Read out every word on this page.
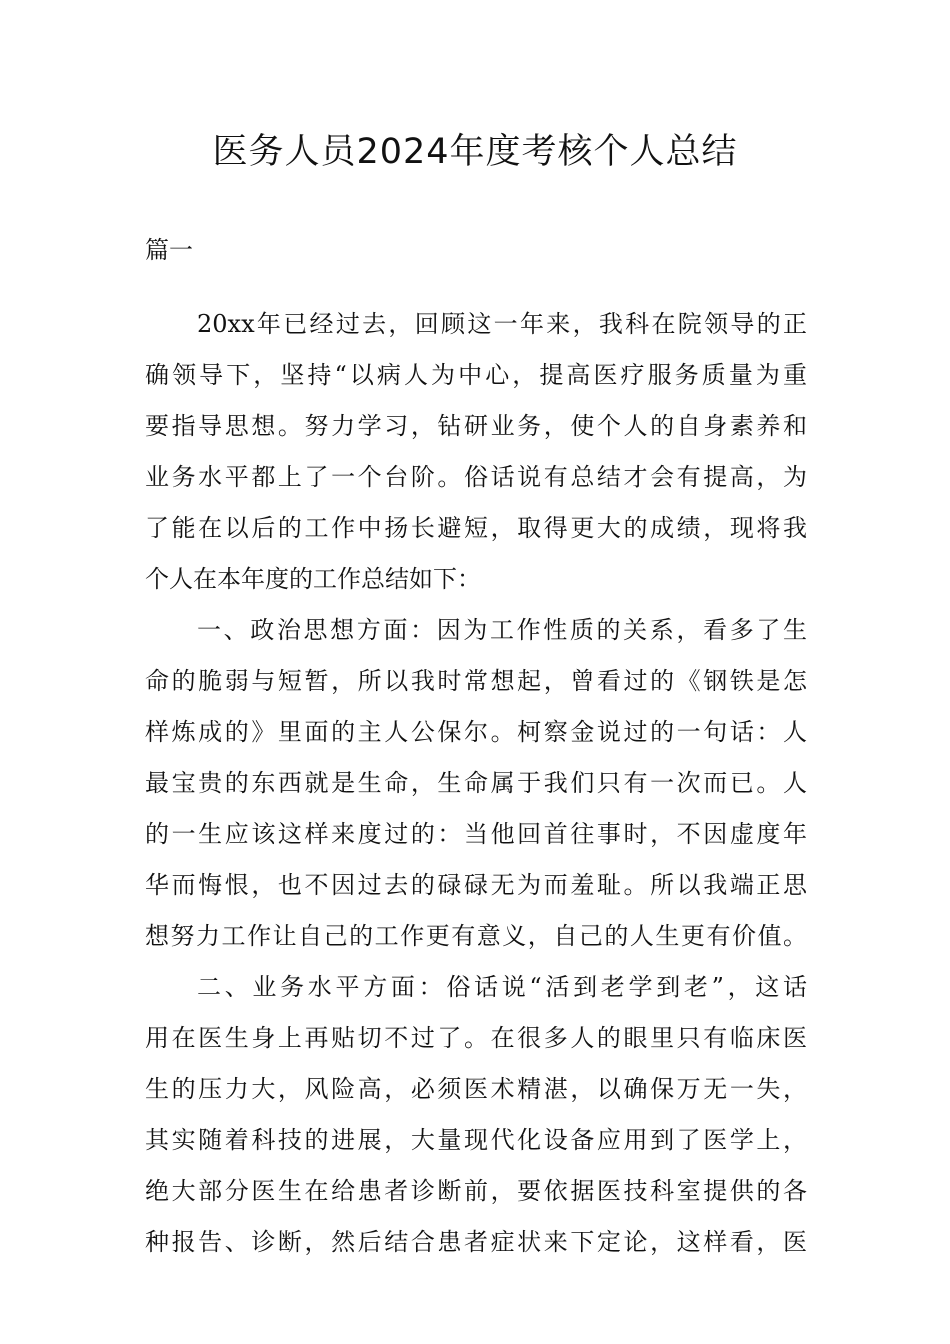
医务人员2024年度考核个人总结
篇一
20xx年已经过去，回顾这一年来，我科在院领导的正
确领导下，坚持“以病人为中心，提高医疗服务质量为重
要指导思想。努力学习，钻研业务，使个人的自身素养和
业务水平都上了一个台阶。俗话说有总结才会有提高，为
了能在以后的工作中扬长避短，取得更大的成绩，现将我
个人在本年度的工作总结如下：
一、政治思想方面：因为工作性质的关系，看多了生
命的脆弱与短暂，所以我时常想起，曾看过的《钢铁是怎
样炼成的》里面的主人公保尔。柯察金说过的一句话：人
最宝贵的东西就是生命，生命属于我们只有一次而已。人
的一生应该这样来度过的：当他回首往事时，不因虚度年
华而悔恨，也不因过去的碌碌无为而羞耻。所以我端正思
想努力工作让自己的工作更有意义，自己的人生更有价值。
二、业务水平方面：俗话说“活到老学到老”，这话
用在医生身上再贴切不过了。在很多人的眼里只有临床医
生的压力大，风险高，必须医术精湛，以确保万无一失，
其实随着科技的进展，大量现代化设备应用到了医学上，
绝大部分医生在给患者诊断前，要依据医技科室提供的各
种报告、诊断，然后结合患者症状来下定论，这样看，医
